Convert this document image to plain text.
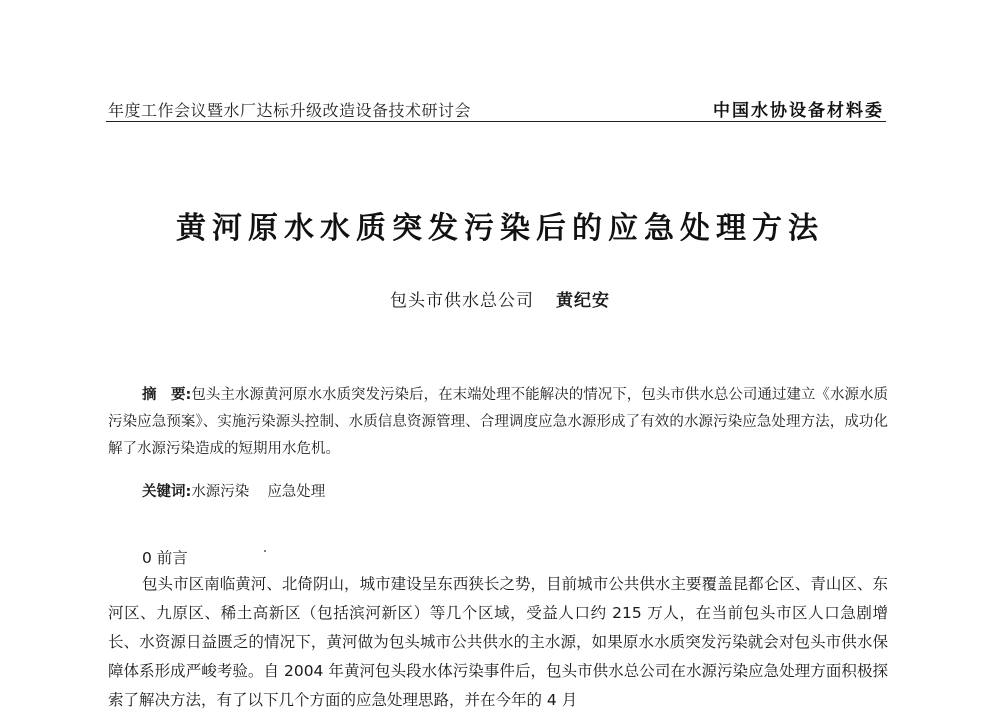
年度工作会议暨水厂达标升级改造设备技术研讨会	中国水协设备材料委
黄河原水水质突发污染后的应急处理方法
包头市供水总公司 黄纪安
摘　要:包头主水源黄河原水水质突发污染后，在末端处理不能解决的情况下，包头市供水总公司通过建立《水源水质污染应急预案》、实施污染源头控制、水质信息资源管理、合理调度应急水源形成了有效的水源污染应急处理方法，成功化解了水源污染造成的短期用水危机。
关键词:水源污染 应急处理
0 前言
包头市区南临黄河、北倚阴山，城市建设呈东西狭长之势，目前城市公共供水主要覆盖昆都仑区、青山区、东河区、九原区、稀土高新区（包括滨河新区）等几个区域，受益人口约 215 万人，在当前包头市区人口急剧增长、水资源日益匮乏的情况下，黄河做为包头城市公共供水的主水源，如果原水水质突发污染就会对包头市供水保障体系形成严峻考验。自 2004 年黄河包头段水体污染事件后，包头市供水总公司在水源污染应急处理方面积极探索了解决方法，有了以下几个方面的应急处理思路，并在今年的 4 月
